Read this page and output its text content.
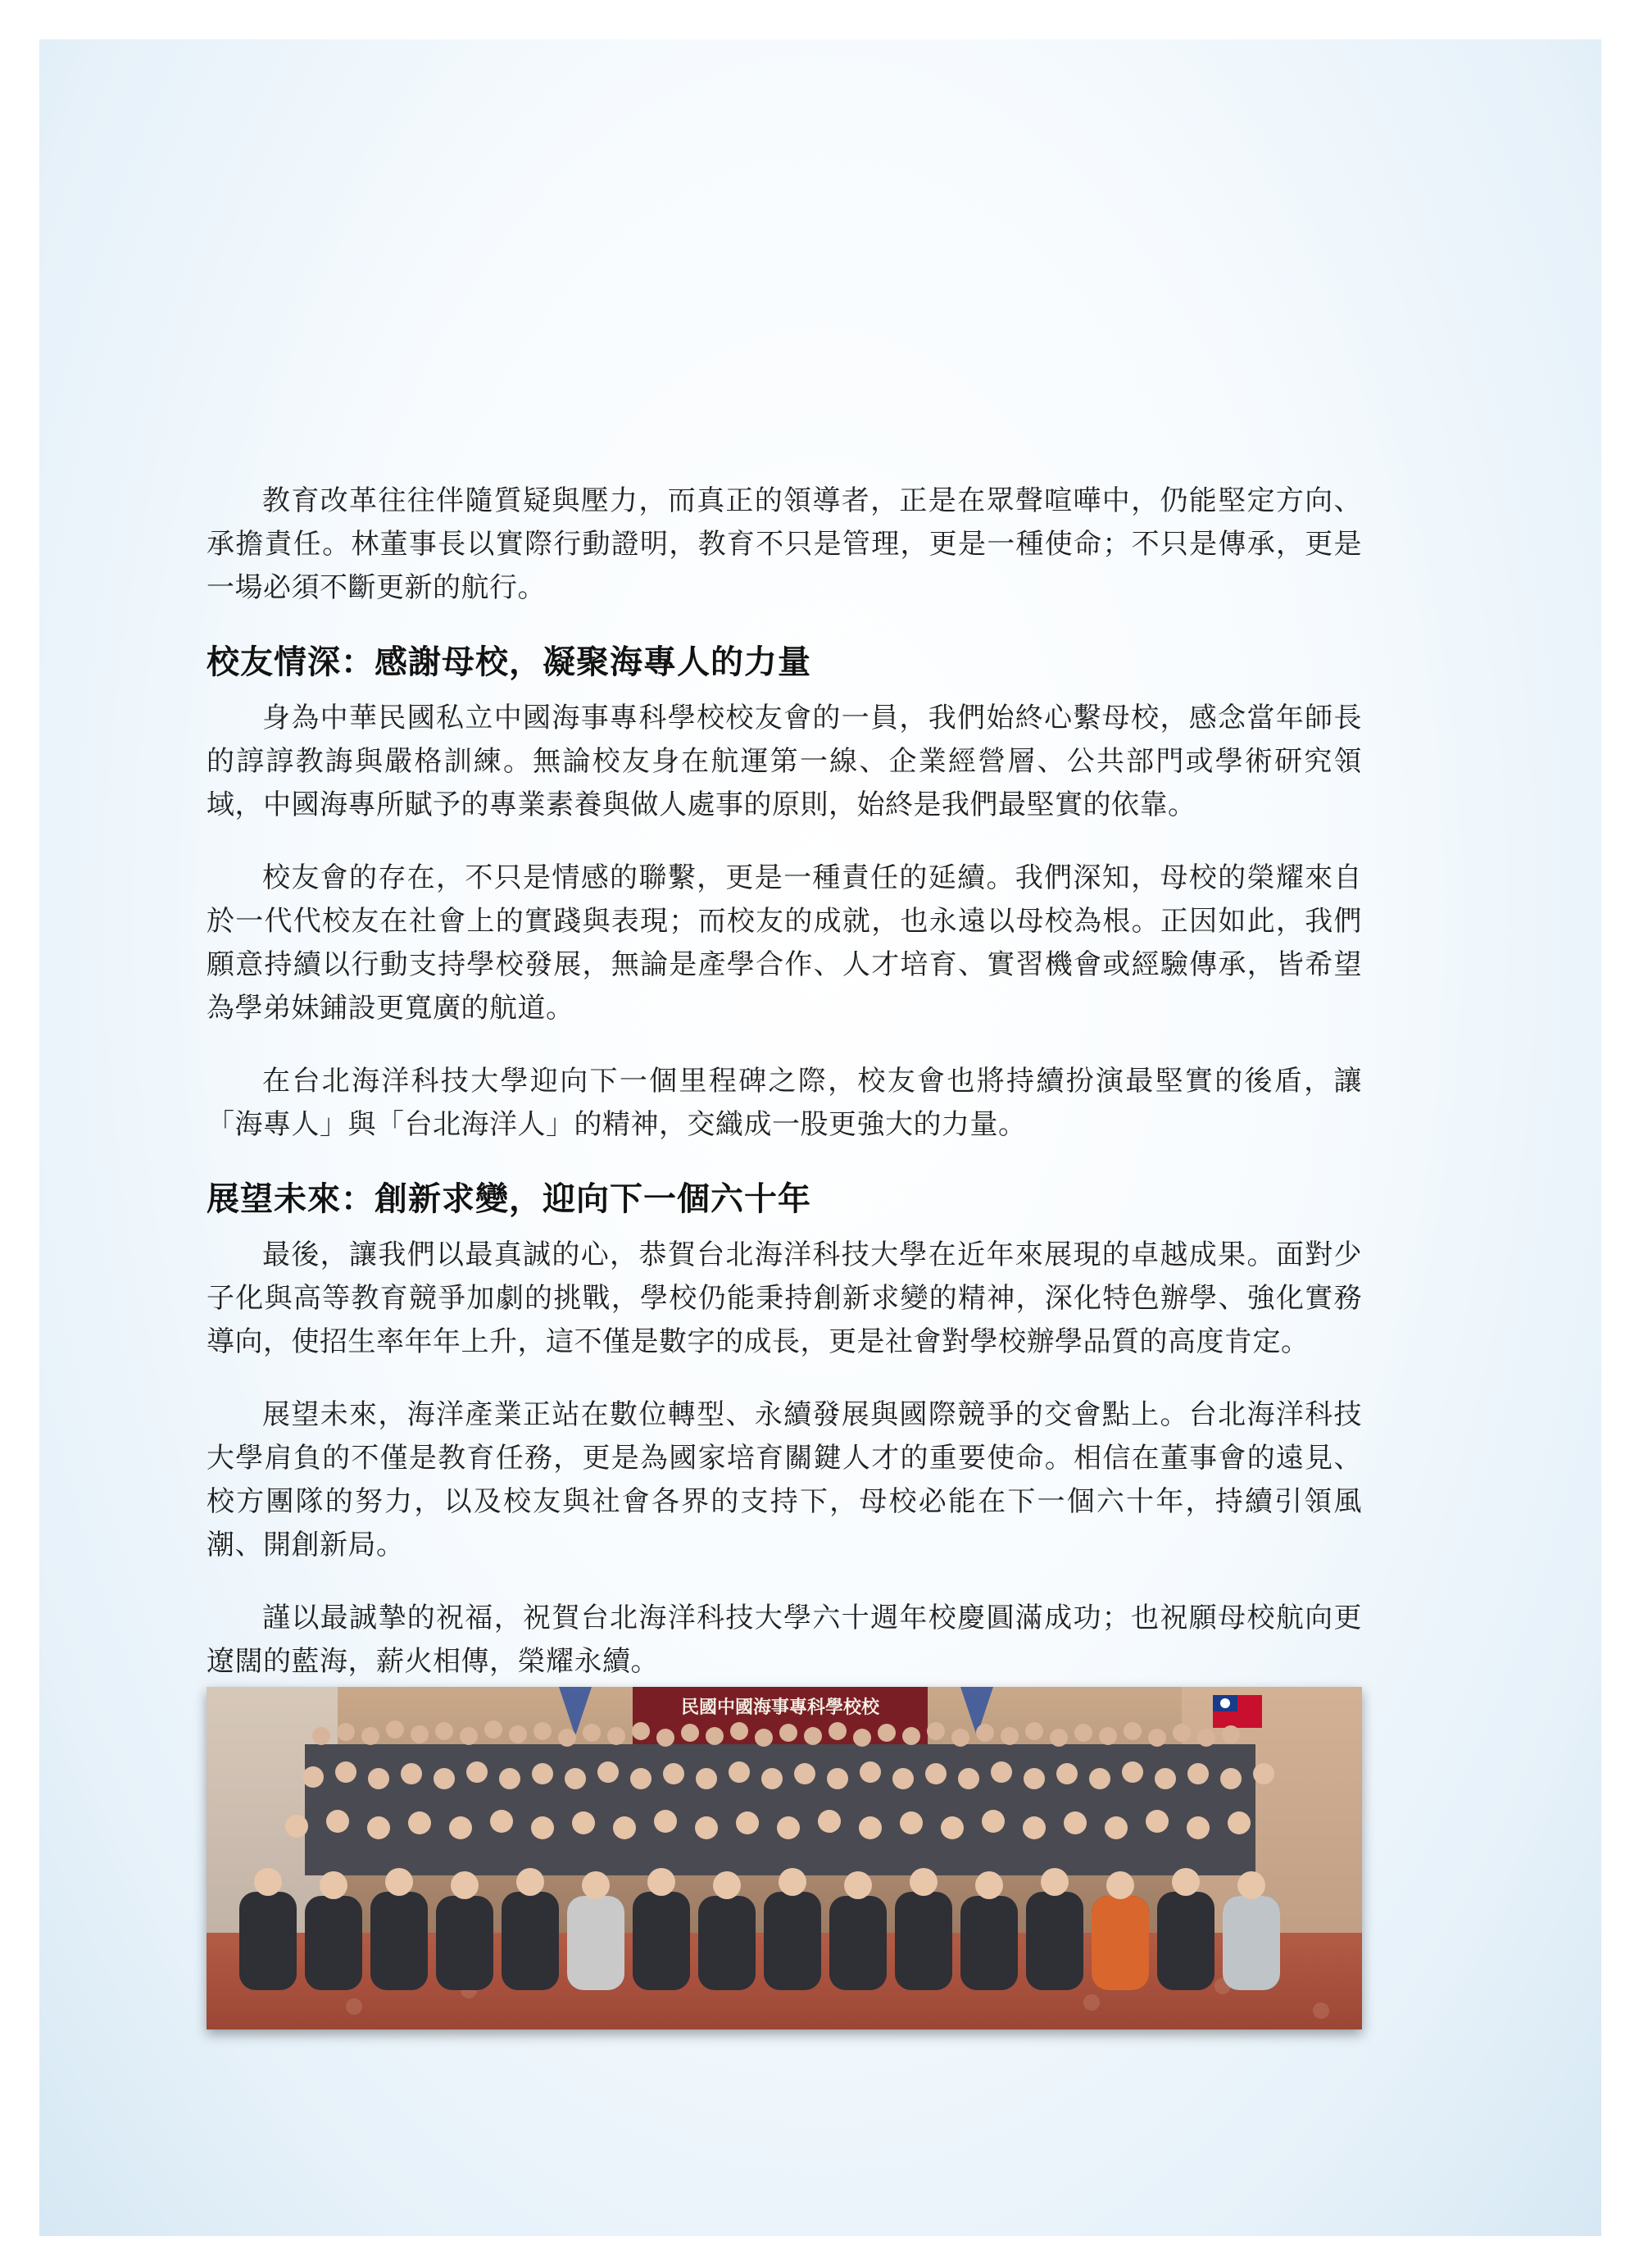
教育改革往往伴隨質疑與壓力，而真正的領導者，正是在眾聲喧嘩中，仍能堅定方向、承擔責任。林董事長以實際行動證明，教育不只是管理，更是一種使命；不只是傳承，更是一場必須不斷更新的航行。

校友情深：感謝母校，凝聚海專人的力量

身為中華民國私立中國海事專科學校校友會的一員，我們始終心繫母校，感念當年師長的諄諄教誨與嚴格訓練。無論校友身在航運第一線、企業經營層、公共部門或學術研究領域，中國海專所賦予的專業素養與做人處事的原則，始終是我們最堅實的依靠。

校友會的存在，不只是情感的聯繫，更是一種責任的延續。我們深知，母校的榮耀來自於一代代校友在社會上的實踐與表現；而校友的成就，也永遠以母校為根。正因如此，我們願意持續以行動支持學校發展，無論是產學合作、人才培育、實習機會或經驗傳承，皆希望為學弟妹鋪設更寬廣的航道。

在台北海洋科技大學迎向下一個里程碑之際，校友會也將持續扮演最堅實的後盾，讓「海專人」與「台北海洋人」的精神，交織成一股更強大的力量。

展望未來：創新求變，迎向下一個六十年

最後，讓我們以最真誠的心，恭賀台北海洋科技大學在近年來展現的卓越成果。面對少子化與高等教育競爭加劇的挑戰，學校仍能秉持創新求變的精神，深化特色辦學、強化實務導向，使招生率年年上升，這不僅是數字的成長，更是社會對學校辦學品質的高度肯定。

展望未來，海洋產業正站在數位轉型、永續發展與國際競爭的交會點上。台北海洋科技大學肩負的不僅是教育任務，更是為國家培育關鍵人才的重要使命。相信在董事會的遠見、校方團隊的努力，以及校友與社會各界的支持下，母校必能在下一個六十年，持續引領風潮、開創新局。

謹以最誠摯的祝福，祝賀台北海洋科技大學六十週年校慶圓滿成功；也祝願母校航向更遼闊的藍海，薪火相傳，榮耀永續。

民國中國海事專科學校校
